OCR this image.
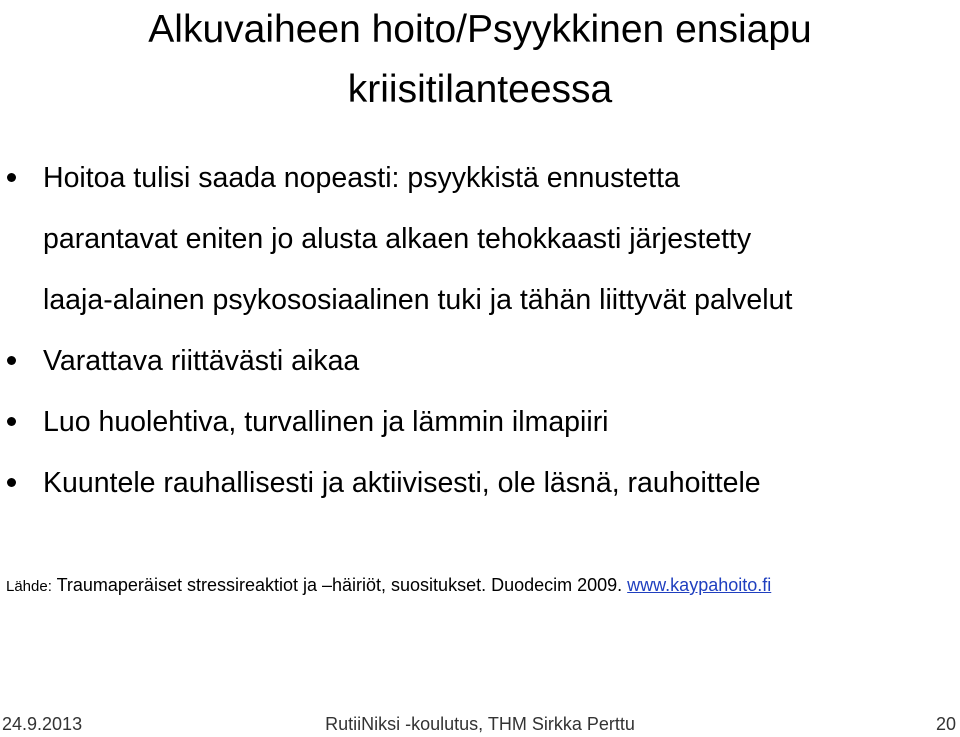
Alkuvaiheen hoito/Psyykkinen ensiapu
kriisitilanteessa
Hoitoa tulisi saada nopeasti: psyykkistä ennustetta
parantavat eniten jo alusta alkaen tehokkaasti järjestetty
laaja-alainen psykososiaalinen tuki ja tähän liittyvät palvelut
Varattava riittävästi aikaa
Luo huolehtiva, turvallinen ja lämmin ilmapiiri
Kuuntele rauhallisesti ja aktiivisesti, ole läsnä, rauhoittele
Lähde: Traumaperäiset stressireaktiot ja –häiriöt, suositukset. Duodecim 2009. www.kaypahoito.fi
24.9.2013	RutiiNiksi -koulutus, THM Sirkka Perttu	20
